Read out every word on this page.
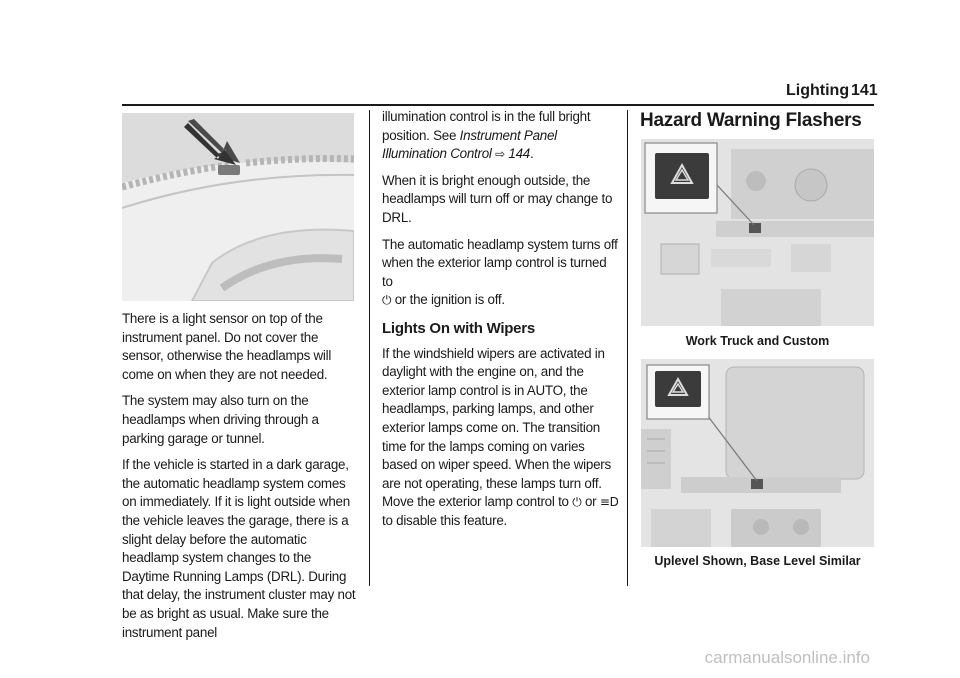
Lighting 141

There is a light sensor on top of the instrument panel. Do not cover the sensor, otherwise the headlamps will come on when they are not needed.

The system may also turn on the headlamps when driving through a parking garage or tunnel.

If the vehicle is started in a dark garage, the automatic headlamp system comes on immediately. If it is light outside when the vehicle leaves the garage, there is a slight delay before the automatic headlamp system changes to the Daytime Running Lamps (DRL). During that delay, the instrument cluster may not be as bright as usual. Make sure the instrument panel

illumination control is in the full bright position. See Instrument Panel Illumination Control ⇨ 144.

When it is bright enough outside, the headlamps will turn off or may change to DRL.

The automatic headlamp system turns off when the exterior lamp control is turned to
⏻ or the ignition is off.

Lights On with Wipers

If the windshield wipers are activated in daylight with the engine on, and the exterior lamp control is in AUTO, the headlamps, parking lamps, and other exterior lamps come on. The transition time for the lamps coming on varies based on wiper speed. When the wipers are not operating, these lamps turn off. Move the exterior lamp control to ⏻ or ≡D to disable this feature.

Hazard Warning Flashers
Work Truck and Custom
Uplevel Shown, Base Level Similar
carmanualsonline.info
